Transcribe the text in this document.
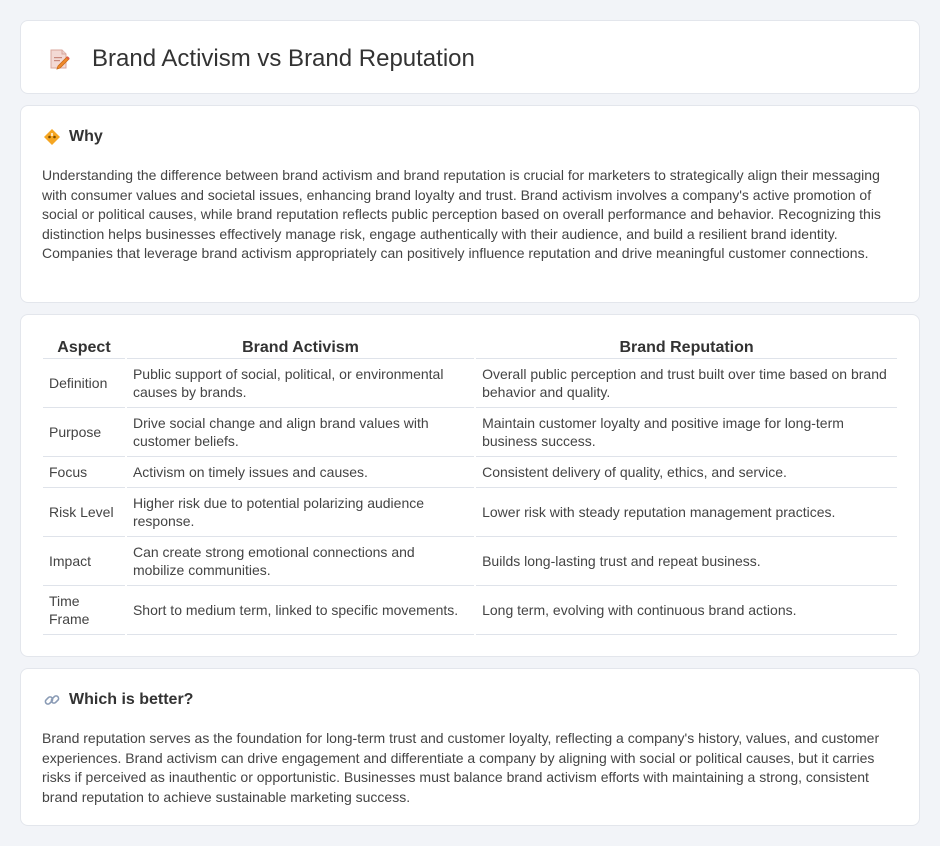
Brand Activism vs Brand Reputation
Why

Understanding the difference between brand activism and brand reputation is crucial for marketers to strategically align their messaging with consumer values and societal issues, enhancing brand loyalty and trust. Brand activism involves a company's active promotion of social or political causes, while brand reputation reflects public perception based on overall performance and behavior. Recognizing this distinction helps businesses effectively manage risk, engage authentically with their audience, and build a resilient brand identity. Companies that leverage brand activism appropriately can positively influence reputation and drive meaningful customer connections.

Aspect	Brand Activism	Brand Reputation
Definition	Public support of social, political, or environmental causes by brands.	Overall public perception and trust built over time based on brand behavior and quality.
Purpose	Drive social change and align brand values with customer beliefs.	Maintain customer loyalty and positive image for long-term business success.
Focus	Activism on timely issues and causes.	Consistent delivery of quality, ethics, and service.
Risk Level	Higher risk due to potential polarizing audience response.	Lower risk with steady reputation management practices.
Impact	Can create strong emotional connections and mobilize communities.	Builds long-lasting trust and repeat business.
Time Frame	Short to medium term, linked to specific movements.	Long term, evolving with continuous brand actions.
Which is better?

Brand reputation serves as the foundation for long-term trust and customer loyalty, reflecting a company's history, values, and customer experiences. Brand activism can drive engagement and differentiate a company by aligning with social or political causes, but it carries risks if perceived as inauthentic or opportunistic. Businesses must balance brand activism efforts with maintaining a strong, consistent brand reputation to achieve sustainable marketing success.
